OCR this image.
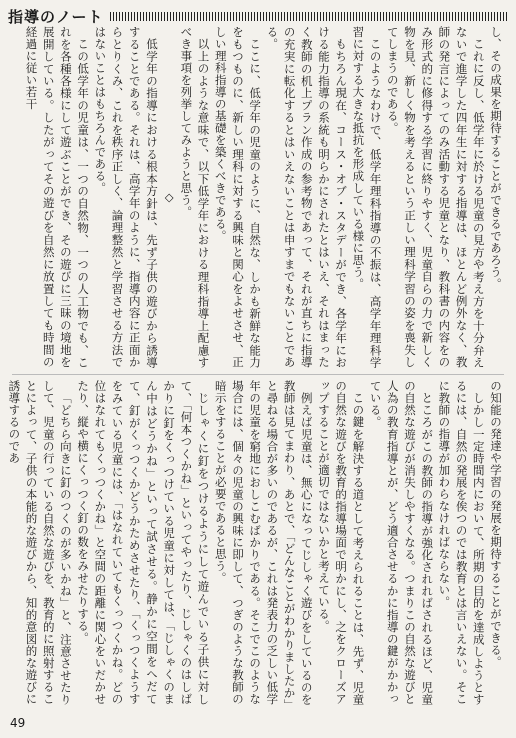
指導のノート

し、その成果を期待することができるであろう。

これに反し、低学年に於ける児童の見方や考え方を十分弁えないで進学した四年生に対する指導は、ほとんど例外なく、教師の発言によってのみ活動する児童となり、教科書の内容をのみ形式的に修得する学習に終りやすく、児童自らの力で新しく物を見、新しく物を考えるという正しい理科学習の姿を喪失してしまうのである。

このようなわけで、低学年理科指導の不振は、高学年理科学習に対する大きな抵抗を形成している様に思う。

もちろん現在、コース・オブ・スタデーができ、各学年における能力指導の系統も明らかにされたとはいえ、それはまったく教師の机上プラン作成の参考物であって、それが直ちに指導の充実に転化するとはいえないことは申すまでもないことである。

ここに、低学年の児童のように、自然な、しかも新鮮な能力をもつものに、新しい理科に対する興味と関心をよせさせ、正しい理科指導の基礎を築くべきである。

以上のような意味で、以下低学年における理科指導上配慮すべき事項を列挙してみようと思う。

◇

低学年の指導における根本方針は、先ず子供の遊びから誘導することである。それは、高学年のように、指導内容に正面からとりくみ、これを秩序正しく、論理整然と学習させる方法ではないことはもちろんである。

この低学年の児童は、一つの自然物、一つの人工物でも、これを各種各様にして遊ぶことができ、その遊びに三昧の境地を展開している。したがってその遊びを自然に放置しても時間の経過に従い若干

の知能の発達や学習の発展を期待することができる。

しかし一定時間内において、所期の目的を達成しようとするには、自然の発展を俟つのでは教育とは言いえない。そこに教師の指導が加わらなければならない。

ところがこの教師の指導が強化されればされるほど、児童の自然な遊びが消失しやすくなる。つまりこの自然な遊びと人為の教育指導とが、どう適合させるかに指導の鍵がかかっている。

この鍵を解決する道として考えられることは、先ず、児童の自然な遊びを教育的指導場面で明かにし、之をクローズアップすることが適切ではないかと考えている。

例えば児童は、無心になってじしゃく遊びをしているのを教師は見てまわり、あとで、「どんなことがわかりましたか」と尋ねる場合が多いのであるが、これは発表力の乏しい低学年の児童を窮地におしこむばかりである。そこでこのような場合には、個々の児童の興味に即して、つぎのような教師の暗示をすることが必要であると思う。

じしゃくに釘をつけるようにして遊んでいる子供に対して、「何本つくかね」といってやったり、じしゃくのはしばかりに釘をくっつけている児童に対しては、「じしゃくのまん中はどうかね」といって試させる。静かに空間をへだてて、釘がくっつくかどうかためさせたり、「くっつくようすをみている児童には、「はなれていてもくっつくかね。どの位はなれてもくっつくかね」と空間の距離に関心をいだかせたり、縦や横にくっつく釘の数をみせたりする。

「どちら向きに釘のつくのが多いかね」と、注意させたりして、児童の行っている自然な遊びを、教育的に照射することによって、子供の本能的な遊びから、知的意図的な遊びに誘導するのであ

49
